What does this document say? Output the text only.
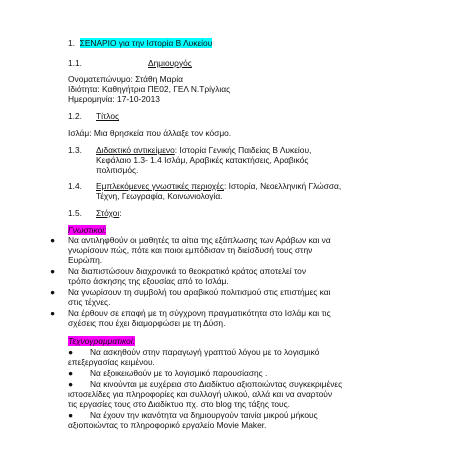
1. ΣΕΝΑΡΙΟ για την Ιστορία Β Λυκείου
1.1.	Δημιουργός
Ονοματεπώνυμο: Στάθη Μαρία
Ιδιότητα: Καθηγήτρια ΠΕ02, ΓΕΛ Ν.Τρίγλιας
Ημερομηνία: 17-10-2013
1.2. Τίτλος
Ισλάμ: Μια θρησκεία που άλλαξε τον κόσμο.
1.3. Διδακτικό αντικείμενο: Ιστορία Γενικής Παιδείας Β Λυκείου,
Κεφάλαιο 1.3- 1.4 Ισλάμ, Αραβικές κατακτήσεις, Αραβικός
πολιτισμός.
1.4. Εμπλεκόμενες γνωστικές περιοχές: Ιστορία, Νεοελληνική Γλώσσα,
Τέχνη, Γεωγραφία, Κοινωνιολογία.
1.5. Στόχοι:
Γνωστικοί:
● Να αντιληφθούν οι μαθητές τα αίτια της εξάπλωσης των Αράβων και να
γνωρίσουν πώς, πότε και ποιοι εμπόδισαν τη διείσδυσή τους στην
Ευρώπη.
● Να διαπιστώσουν διαχρονικά το θεοκρατικό κράτος αποτελεί τον
τρόπο άσκησης της εξουσίας από το Ισλάμ.
● Να γνωρίσουν τη συμβολή του αραβικού πολιτισμού στις επιστήμες και
στις τέχνες.
● Να έρθουν σε επαφή με τη σύγχρονη πραγματικότητα στο Ισλάμ και τις
σχέσεις που έχει διαμορφώσει με τη Δύση.
Τεχνογραμματικοί:
● Να ασκηθούν στην παραγωγή γραπτού λόγου με το λογισμικό
επεξεργασίας κειμένου.
● Να εξοικειωθούν με το λογισμικό παρουσίασης .
● Να κινούνται με ευχέρεια στο Διαδίκτυο αξιοποιώντας συγκεκριμένες
ιστοσελίδες για πληροφορίες και συλλογή υλικού, αλλά και να αναρτούν
τις εργασίες τους στο Διαδίκτυο πχ. στο blog της τάξης τους.
● Να έχουν την ικανότητα να δημιουργούν ταινία μικρού μήκους
αξιοποιώντας το πληροφορικό εργαλείο Movie Maker.
